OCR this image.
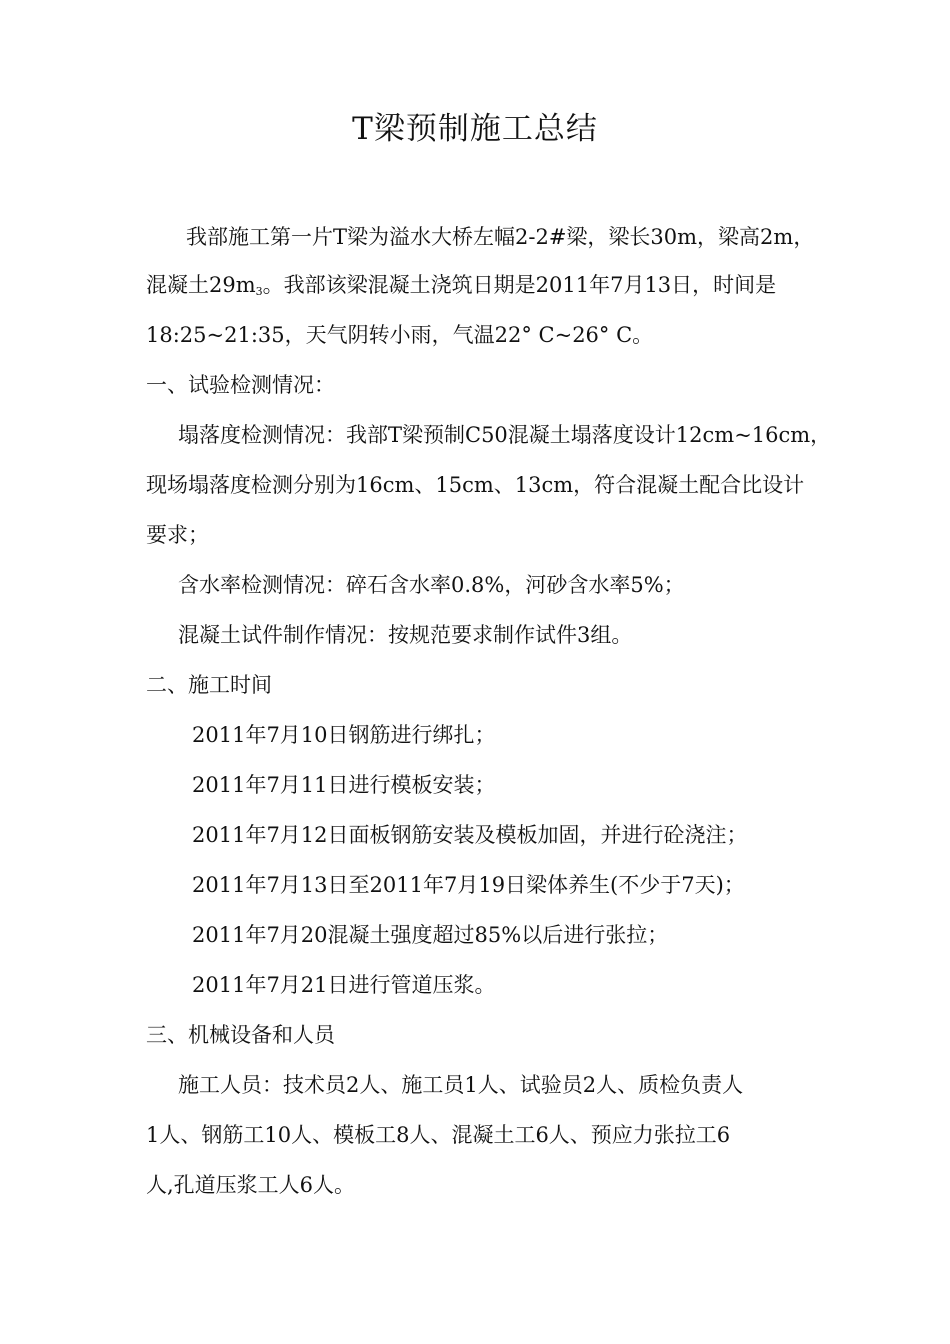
T梁预制施工总结
我部施工第一片T梁为溢水大桥左幅2-2#梁，梁长30m，梁高2m，
混凝土$29m^3$。我部该梁混凝土浇筑日期是2011年7月13日，时间是
18:25~21:35，天气阴转小雨，气温22° C~26° C。
一、试验检测情况：
塌落度检测情况：我部T梁预制C50混凝土塌落度设计12cm~16cm，
现场塌落度检测分别为16cm、15cm、13cm，符合混凝土配合比设计
要求；
含水率检测情况：碎石含水率0.8%，河砂含水率5%；
混凝土试件制作情况：按规范要求制作试件3组。
二、施工时间
2011年7月10日钢筋进行绑扎；
2011年7月11日进行模板安装；
2011年7月12日面板钢筋安装及模板加固，并进行砼浇注；
2011年7月13日至2011年7月19日梁体养生(不少于7天)；
2011年7月20混凝土强度超过85%以后进行张拉；
2011年7月21日进行管道压浆。
三、机械设备和人员
施工人员：技术员2人、施工员1人、试验员2人、质检负责人
1人、钢筋工10人、模板工8人、混凝土工6人、预应力张拉工6
人,孔道压浆工人6人。
